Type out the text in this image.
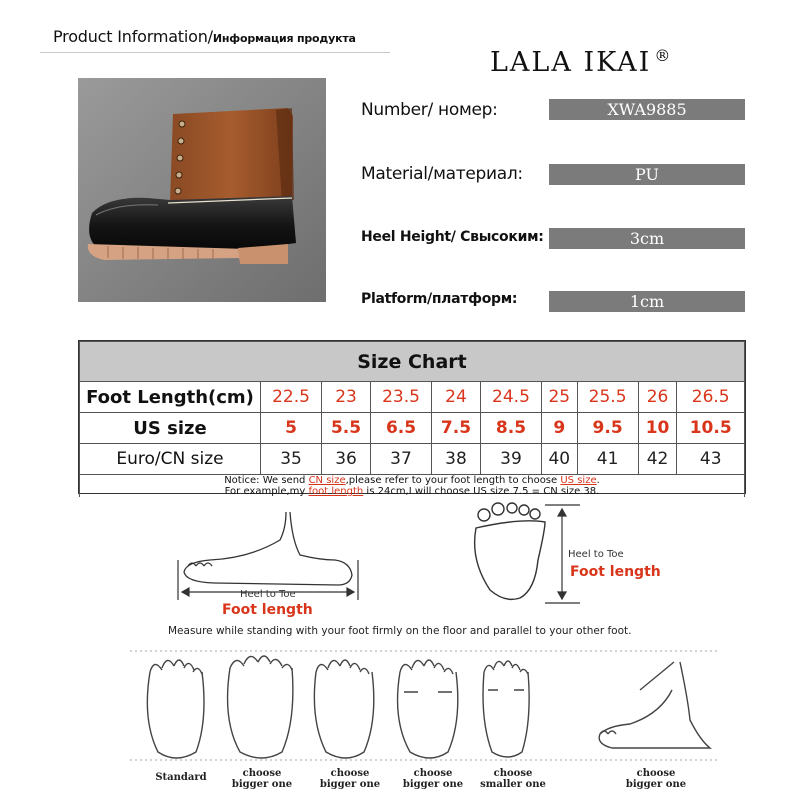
Product Information/Информация продукта
LALA IKAI ®
Number/ номер:	XWA9885
Material/материал:	PU
Heel Height/ Свысоким:	3cm
Platform/платформ:	1cm
Size Chart									
Foot Length(cm)	22.5	23	23.5	24	24.5	25	25.5	26	26.5
US size	5	5.5	6.5	7.5	8.5	9	9.5	10	10.5
Euro/CN size	35	36	37	38	39	40	41	42	43
Notice: We send CN size,please refer to your foot length to choose US size.
For example,my foot length is 24cm,I will choose US size 7.5 = CN size 38.									
Heel to Toe
Foot length
Heel to Toe
Foot length
Standard	choose
bigger one
choose
bigger one
choose
bigger one
choose
smaller one
choose
bigger one
Measure while standing with your foot firmly on the floor and parallel to your other foot.
